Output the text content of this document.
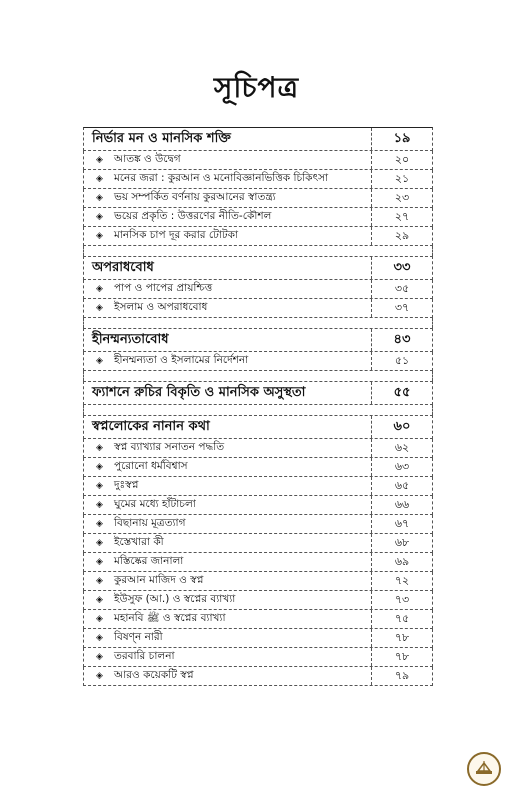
সূচিপত্র
নির্ভার মন ও মানসিক শক্তি	১৯
◈ আতঙ্ক ও উদ্বেগ	২০
◈ মনের জরা : কুরআন ও মনোবিজ্ঞানভিত্তিক চিকিৎসা	২১
◈ ভয় সম্পর্কিত বর্ণনায় কুরআনের স্বাতন্ত্র্য	২৩
◈ ভয়ের প্রকৃতি : উত্তরণের নীতি-কৌশল	২৭
◈ মানসিক চাপ দূর করার টোটকা	২৯
অপরাধবোধ	৩৩
◈ পাপ ও পাপের প্রায়শ্চিত্ত	৩৫
◈ ইসলাম ও অপরাধবোধ	৩৭
হীনম্মন্যতাবোধ	৪৩
◈ হীনম্মন্যতা ও ইসলামের নির্দেশনা	৫১
ফ্যাশনে রুচির বিকৃতি ও মানসিক অসুস্থতা	৫৫
স্বপ্নলোকের নানান কথা	৬০
◈ স্বপ্ন ব্যাখ্যার সনাতন পদ্ধতি	৬২
◈ পুরোনো ধর্মবিশ্বাস	৬৩
◈ দুঃস্বপ্ন	৬৫
◈ ঘুমের মধ্যে হাঁটাচলা	৬৬
◈ বিছানায় মূত্রত্যাগ	৬৭
◈ ইস্তেখারা কী	৬৮
◈ মস্তিষ্কের জানালা	৬৯
◈ কুরআন মাজিদ ও স্বপ্ন	৭২
◈ ইউসুফ (আ.) ও স্বপ্নের ব্যাখ্যা	৭৩
◈ মহানবি ﷺ ও স্বপ্নের ব্যাখ্যা	৭৫
◈ বিষণ্ন নারী	৭৮
◈ তরবারি চালনা	৭৮
◈ আরও কয়েকটি স্বপ্ন	৭৯
